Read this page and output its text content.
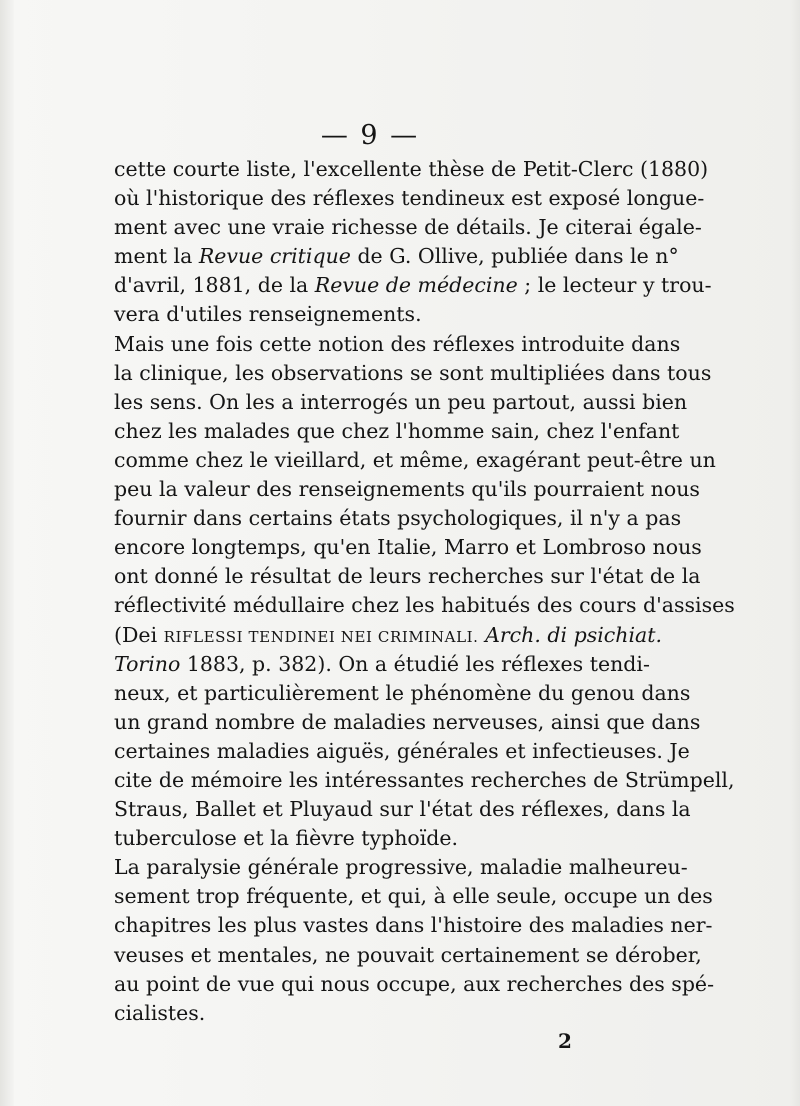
— 9 —
cette courte liste, l'excellente thèse de Petit-Clerc (1880)
où l'historique des réflexes tendineux est exposé longue-
ment avec une vraie richesse de détails. Je citerai égale-
ment la Revue critique de G. Ollive, publiée dans le n°
d'avril, 1881, de la Revue de médecine ; le lecteur y trou-
vera d'utiles renseignements.
Mais une fois cette notion des réflexes introduite dans
la clinique, les observations se sont multipliées dans tous
les sens. On les a interrogés un peu partout, aussi bien
chez les malades que chez l'homme sain, chez l'enfant
comme chez le vieillard, et même, exagérant peut-être un
peu la valeur des renseignements qu'ils pourraient nous
fournir dans certains états psychologiques, il n'y a pas
encore longtemps, qu'en Italie, Marro et Lombroso nous
ont donné le résultat de leurs recherches sur l'état de la
réflectivité médullaire chez les habitués des cours d'assises
(Dei RIFLESSI TENDINEI NEI CRIMINALI. Arch. di psichiat.
Torino 1883, p. 382). On a étudié les réflexes tendi-
neux, et particulièrement le phénomène du genou dans
un grand nombre de maladies nerveuses, ainsi que dans
certaines maladies aiguës, générales et infectieuses. Je
cite de mémoire les intéressantes recherches de Strümpell,
Straus, Ballet et Pluyaud sur l'état des réflexes, dans la
tuberculose et la fièvre typhoïde.
La paralysie générale progressive, maladie malheureu-
sement trop fréquente, et qui, à elle seule, occupe un des
chapitres les plus vastes dans l'histoire des maladies ner-
veuses et mentales, ne pouvait certainement se dérober,
au point de vue qui nous occupe, aux recherches des spé-
cialistes.
2
